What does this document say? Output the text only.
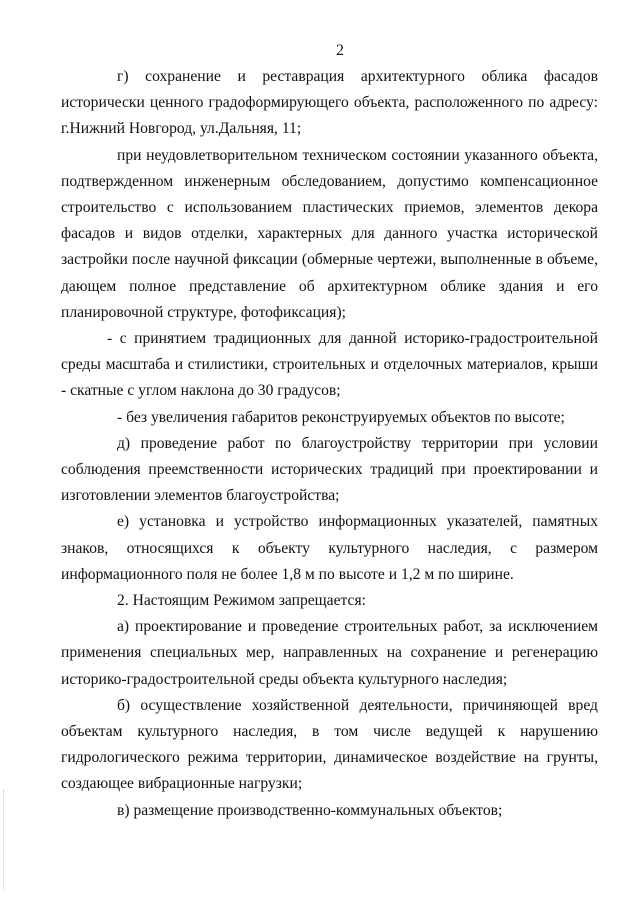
2

г) сохранение и реставрация архитектурного облика фасадов исторически ценного градоформирующего объекта, расположенного по адресу: г.Нижний Новгород, ул.Дальняя, 11;

при неудовлетворительном техническом состоянии указанного объекта, подтвержденном инженерным обследованием, допустимо компенсационное строительство с использованием пластических приемов, элементов декора фасадов и видов отделки, характерных для данного участка исторической застройки после научной фиксации (обмерные чертежи, выполненные в объеме, дающем полное представление об архитектурном облике здания и его планировочной структуре, фотофиксация);

- с принятием традиционных для данной историко-градостроительной среды масштаба и стилистики, строительных и отделочных материалов, крыши - скатные с углом наклона до 30 градусов;

- без увеличения габаритов реконструируемых объектов по высоте;

д) проведение работ по благоустройству территории при условии соблюдения преемственности исторических традиций при проектировании и изготовлении элементов благоустройства;

е) установка и устройство информационных указателей, памятных знаков, относящихся к объекту культурного наследия, с размером информационного поля не более 1,8 м по высоте и 1,2 м по ширине.

2. Настоящим Режимом запрещается:

а) проектирование и проведение строительных работ, за исключением применения специальных мер, направленных на сохранение и регенерацию историко-градостроительной среды объекта культурного наследия;

б) осуществление хозяйственной деятельности, причиняющей вред объектам культурного наследия, в том числе ведущей к нарушению гидрологического режима территории, динамическое воздействие на грунты, создающее вибрационные нагрузки;

в) размещение производственно-коммунальных объектов;
